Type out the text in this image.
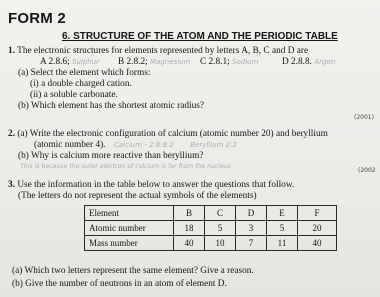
FORM 2
6. STRUCTURE OF THE ATOM AND THE PERIODIC TABLE
1. The electronic structures for elements represented by letters A, B, C and D are
A 2.8.6; Sulphur B 2.8.2; Magnesium C 2.8.1; Sodium	D 2.8.8. Argon
(a) Select the element which forms:
(i) a double charged cation.
(ii) a soluble carbonate.
(b) Which element has the shortest atomic radius?
(2001)
2. (a) Write the electronic configuration of calcium (atomic number 20) and beryllium
(atomic number 4). Calcium - 2:8:8:2 Beryllium 2:2
(b) Why is calcium more reactive than beryllium?
This is because the outer electron of calcium is far from the nucleus
(2002
3. Use the information in the table below to answer the questions that follow.
(The letters do not represent the actual symbols of the elements)
Element	B	C	D	E	F
Atomic number	18	5	3	5	20
Mass number	40	10	7	11	40
(a) Which two letters represent the same element? Give a reason.
(b) Give the number of neutrons in an atom of element D.
